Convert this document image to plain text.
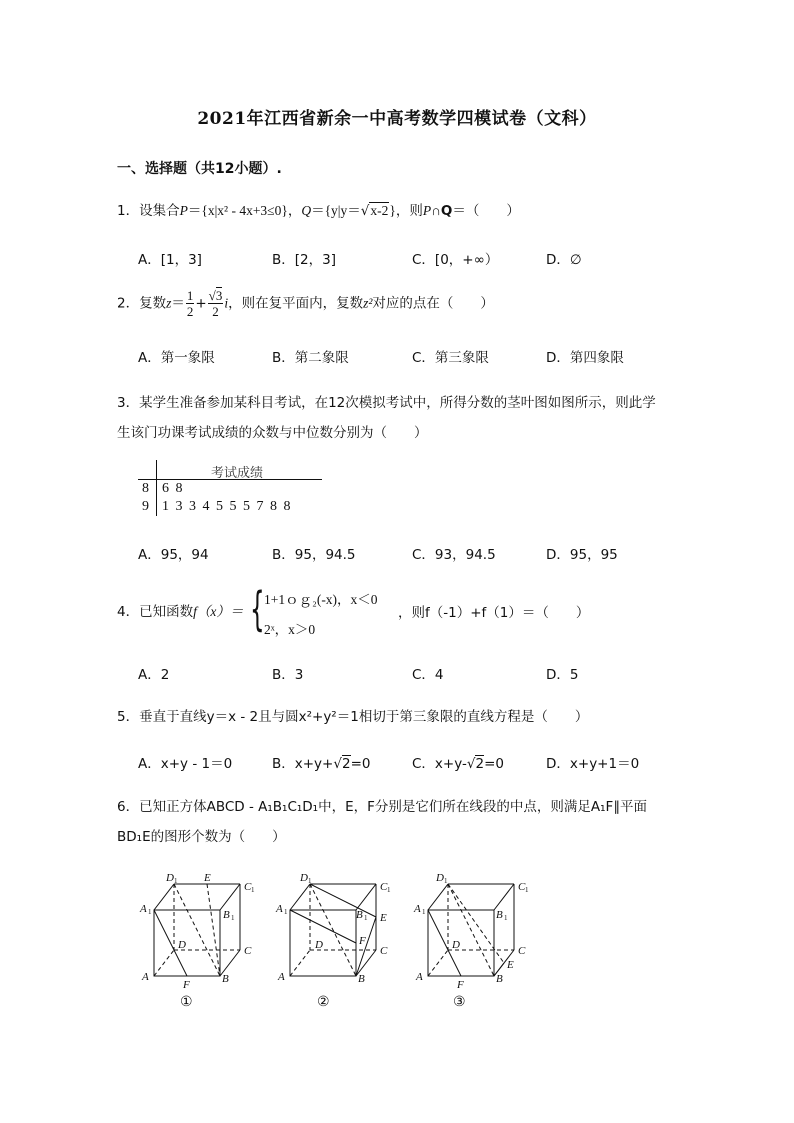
2021年江西省新余一中高考数学四模试卷（文科）
一、选择题（共12小题）.
1．设集合P＝{x|x² - 4x+3≤0}，Q＝{y|y＝√x-2}，则P∩Q＝（　　）
A．[1，3]	B．[2，3]	C．[0，+∞）	D．∅
2．复数$z= \frac{1}{2} + \frac{√3}{2}$ i，则在复平面内，复数z²对应的点在（　　）
A．第一象限	B．第二象限	C．第三象限	D．第四象限
3．某学生准备参加某科目考试，在12次模拟考试中，所得分数的茎叶图如图所示，则此学
生该门功课考试成绩的众数与中位数分别为（　　）
考试成绩
8 6 8
9 1 3 3 4 5 5 5 7 8 8
A．95，94	B．95，94.5	C．93，94.5	D．95，95
4．已知函数f（x）＝ { 1+1ｏｇ₂(-x)，x＜0
2ˣ，x＞0
，则f（-1）+f（1）＝（　　）
A．2	B．3	C．4	D．5
5．垂直于直线y＝x - 2且与圆x²+y²＝1相切于第三象限的直线方程是（　　）
A．x+y - 1＝0	B．x+y+√2=0	C．x+y-√2=0	D．x+y+1＝0
6．已知正方体ABCD - A₁B₁C₁D₁中，E，F分别是它们所在线段的中点，则满足A₁F∥平面
BD₁E的图形个数为（　　）
D	E
C
A	B
D	C
A	B
F
D
C
A	B E
F
D	C
A	B
D
C
A	B
D	C
E
A	B
F
1
1
1
1
1
1
1
1
1
1
1
1
①	②	③
